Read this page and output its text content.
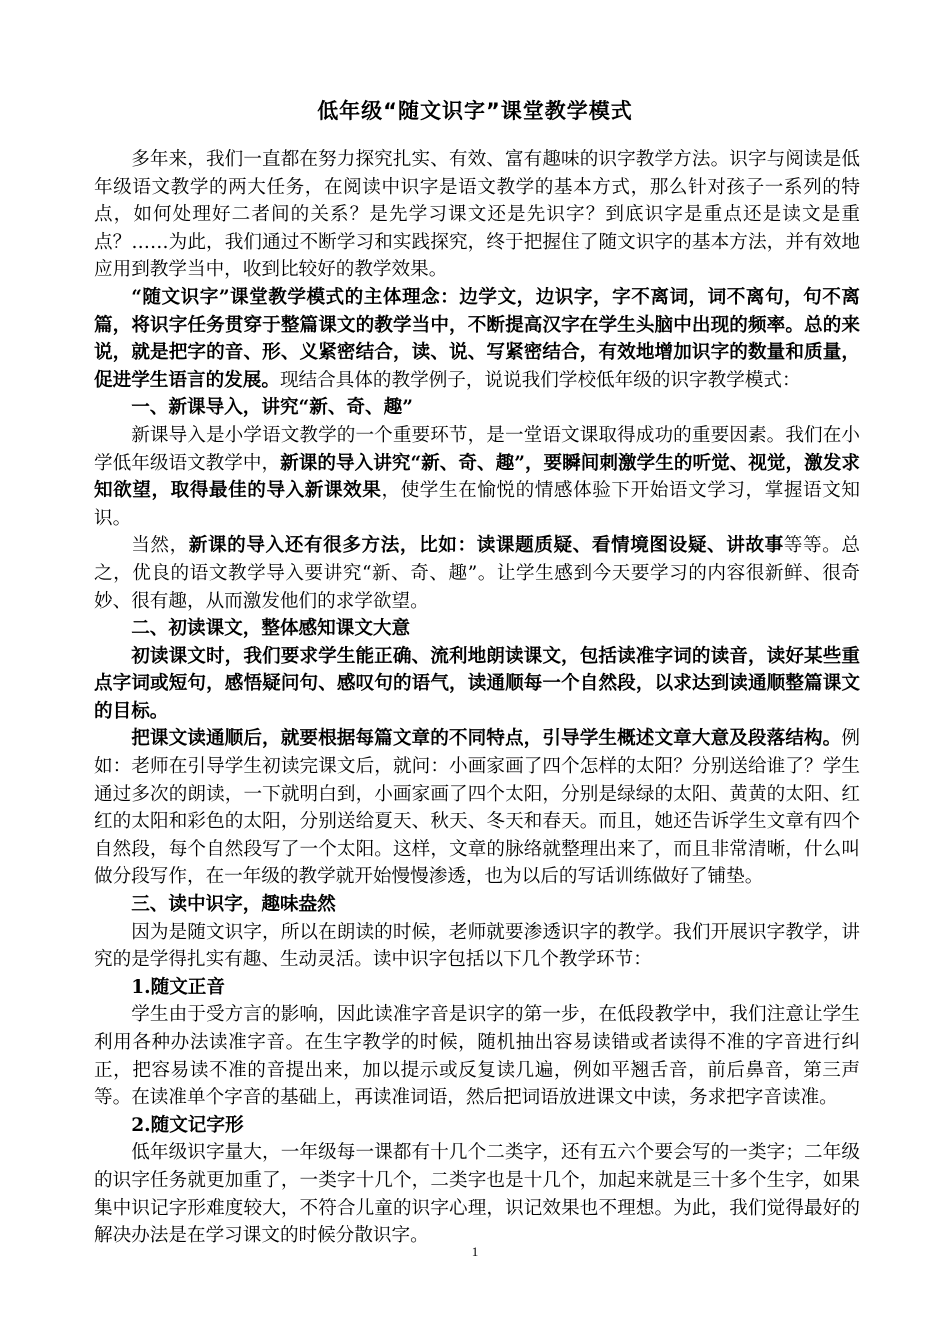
低年级“随文识字”课堂教学模式

多年来，我们一直都在努力探究扎实、有效、富有趣味的识字教学方法。识字与阅读是低年级语文教学的两大任务，在阅读中识字是语文教学的基本方式，那么针对孩子一系列的特点，如何处理好二者间的关系？是先学习课文还是先识字？到底识字是重点还是读文是重点？……为此，我们通过不断学习和实践探究，终于把握住了随文识字的基本方法，并有效地应用到教学当中，收到比较好的教学效果。

“随文识字”课堂教学模式的主体理念：边学文，边识字，字不离词，词不离句，句不离篇，将识字任务贯穿于整篇课文的教学当中，不断提高汉字在学生头脑中出现的频率。总的来说，就是把字的音、形、义紧密结合，读、说、写紧密结合，有效地增加识字的数量和质量，促进学生语言的发展。现结合具体的教学例子，说说我们学校低年级的识字教学模式：

一、新课导入，讲究“新、奇、趣”

新课导入是小学语文教学的一个重要环节，是一堂语文课取得成功的重要因素。我们在小学低年级语文教学中，新课的导入讲究“新、奇、趣”，要瞬间刺激学生的听觉、视觉，激发求知欲望，取得最佳的导入新课效果，使学生在愉悦的情感体验下开始语文学习，掌握语文知识。

当然，新课的导入还有很多方法，比如：读课题质疑、看情境图设疑、讲故事等等。总之，优良的语文教学导入要讲究“新、奇、趣”。让学生感到今天要学习的内容很新鲜、很奇妙、很有趣，从而激发他们的求学欲望。

二、初读课文，整体感知课文大意

初读课文时，我们要求学生能正确、流利地朗读课文，包括读准字词的读音，读好某些重点字词或短句，感悟疑问句、感叹句的语气，读通顺每一个自然段，以求达到读通顺整篇课文的目标。

把课文读通顺后，就要根据每篇文章的不同特点，引导学生概述文章大意及段落结构。例如：老师在引导学生初读完课文后，就问：小画家画了四个怎样的太阳？分别送给谁了？学生通过多次的朗读，一下就明白到，小画家画了四个太阳，分别是绿绿的太阳、黄黄的太阳、红红的太阳和彩色的太阳，分别送给夏天、秋天、冬天和春天。而且，她还告诉学生文章有四个自然段，每个自然段写了一个太阳。这样，文章的脉络就整理出来了，而且非常清晰，什么叫做分段写作，在一年级的教学就开始慢慢渗透，也为以后的写话训练做好了铺垫。

三、读中识字，趣味盎然

因为是随文识字，所以在朗读的时候，老师就要渗透识字的教学。我们开展识字教学，讲究的是学得扎实有趣、生动灵活。读中识字包括以下几个教学环节：

1.随文正音

学生由于受方言的影响，因此读准字音是识字的第一步，在低段教学中，我们注意让学生利用各种办法读准字音。在生字教学的时候，随机抽出容易读错或者读得不准的字音进行纠正，把容易读不准的音提出来，加以提示或反复读几遍，例如平翘舌音，前后鼻音，第三声等。在读准单个字音的基础上，再读准词语，然后把词语放进课文中读，务求把字音读准。

2.随文记字形

低年级识字量大，一年级每一课都有十几个二类字，还有五六个要会写的一类字；二年级的识字任务就更加重了，一类字十几个，二类字也是十几个，加起来就是三十多个生字，如果集中识记字形难度较大，不符合儿童的识字心理，识记效果也不理想。为此，我们觉得最好的解决办法是在学习课文的时候分散识字。

1
